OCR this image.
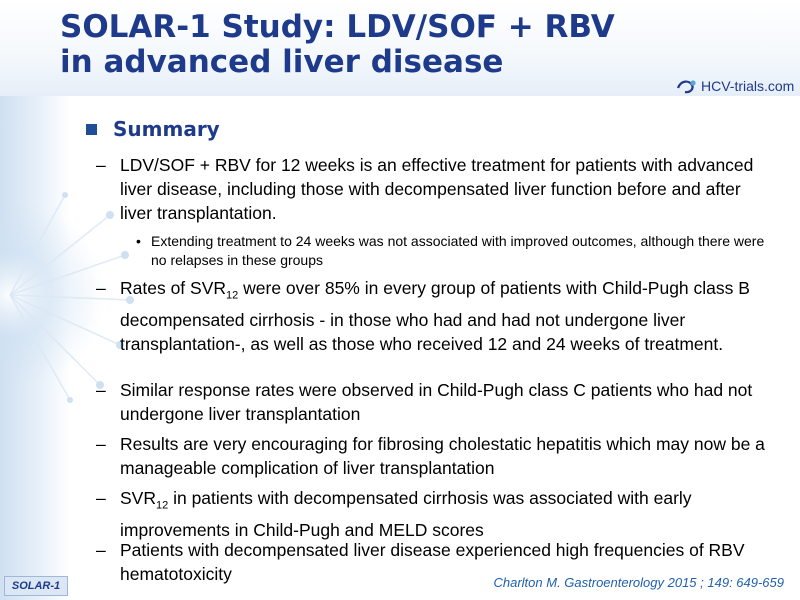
SOLAR-1 Study: LDV/SOF + RBV
in advanced liver disease
HCV-trials.com
Summary
– LDV/SOF + RBV for 12 weeks is an effective treatment for patients with advanced liver disease, including those with decompensated liver function before and after liver transplantation.
• Extending treatment to 24 weeks was not associated with improved outcomes, although there were no relapses in these groups
– Rates of $SVR_{12}$ were over 85% in every group of patients with Child-Pugh class B decompensated cirrhosis - in those who had and had not undergone liver transplantation-, as well as those who received 12 and 24 weeks of treatment.
– Similar response rates were observed in Child-Pugh class C patients who had not undergone liver transplantation
– Results are very encouraging for fibrosing cholestatic hepatitis which may now be a manageable complication of liver transplantation
– $SVR_{12}$ in patients with decompensated cirrhosis was associated with early improvements in Child-Pugh and MELD scores
– Patients with decompensated liver disease experienced high frequencies of RBV hematotoxicity
SOLAR-1	Charlton M. Gastroenterology 2015 ; 149: 649-659
